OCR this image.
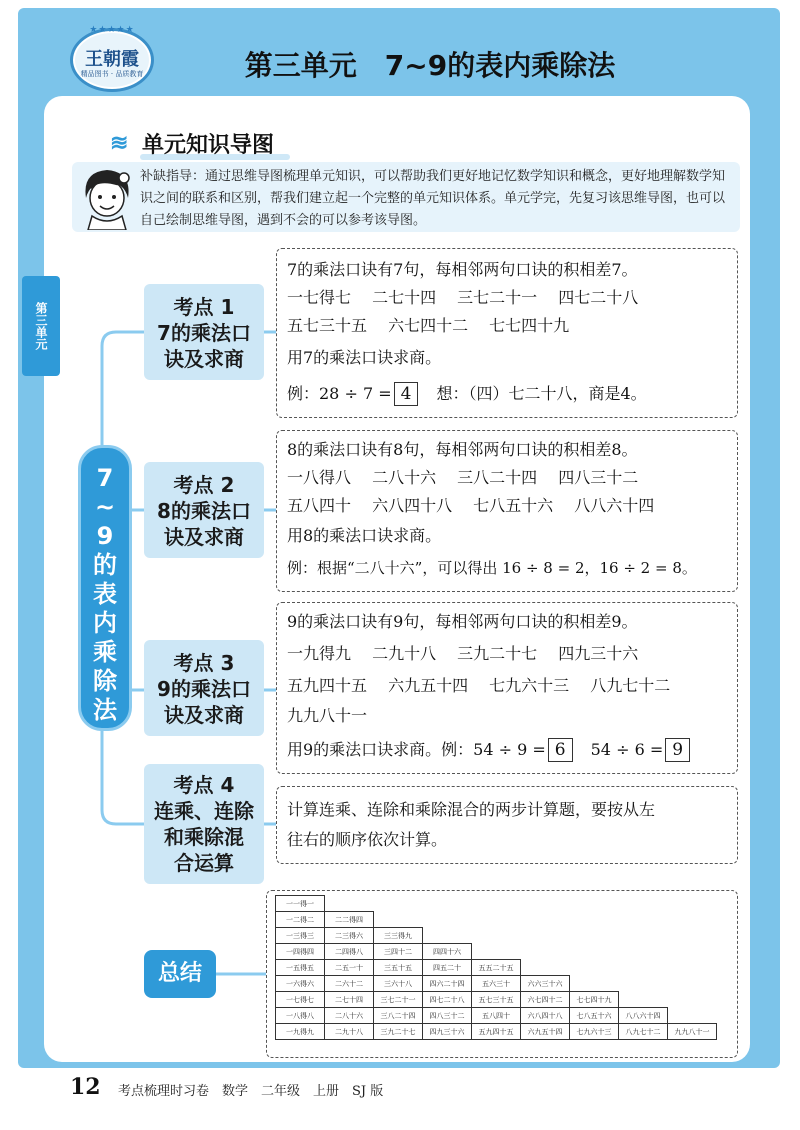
★★★★★
王朝霞
精品图书 · 品质教育	第三单元　7~9的表内乘除法
第三单元
≋ 单元知识导图
补缺指导：通过思维导图梳理单元知识，可以帮助我们更好地记忆数学知识和概念，更好地理解数学知识之间的联系和区别，帮我们建立起一个完整的单元知识体系。单元学完，先复习该思维导图，也可以自己绘制思维导图，遇到不会的可以参考该导图。
7
~
9
的
表
内
乘
除
法
考点 1
7的乘法口
诀及求商
7的乘法口诀有7句，每相邻两句口诀的积相差7。
一七得七　 二七十四　 三七二十一　 四七二十八
五七三十五　 六七四十二　 七七四十九
用7的乘法口诀求商。
例：28 ÷ 7 = 4　想：（四）七二十八，商是4。
考点 2
8的乘法口
诀及求商
8的乘法口诀有8句，每相邻两句口诀的积相差8。
一八得八　 二八十六　 三八二十四　 四八三十二
五八四十　 六八四十八　 七八五十六　 八八六十四
用8的乘法口诀求商。
例：根据“二八十六”，可以得出 16 ÷ 8 = 2，16 ÷ 2 = 8。
考点 3
9的乘法口
诀及求商
9的乘法口诀有9句，每相邻两句口诀的积相差9。
一九得九　 二九十八　 三九二十七　 四九三十六
五九四十五　 六九五十四　 七九六十三　 八九七十二
九九八十一
用9的乘法口诀求商。例：54 ÷ 9 = 6　54 ÷ 6 = 9
考点 4
连乘、连除
和乘除混
合运算
计算连乘、连除和乘除混合的两步计算题，要按从左
往右的顺序依次计算。
总结
一一得一								
一二得二	二二得四							
一三得三	二三得六	三三得九						
一四得四	二四得八	三四十二	四四十六					
一五得五	二五一十	三五十五	四五二十	五五二十五				
一六得六	二六十二	三六十八	四六二十四	五六三十	六六三十六			
一七得七	二七十四	三七二十一	四七二十八	五七三十五	六七四十二	七七四十九		
一八得八	二八十六	三八二十四	四八三十二	五八四十	六八四十八	七八五十六	八八六十四	
一九得九	二九十八	三九二十七	四九三十六	五九四十五	六九五十四	七九六十三	八九七十二	九九八十一
12 考点梳理时习卷　数学　二年级　上册　SJ 版
